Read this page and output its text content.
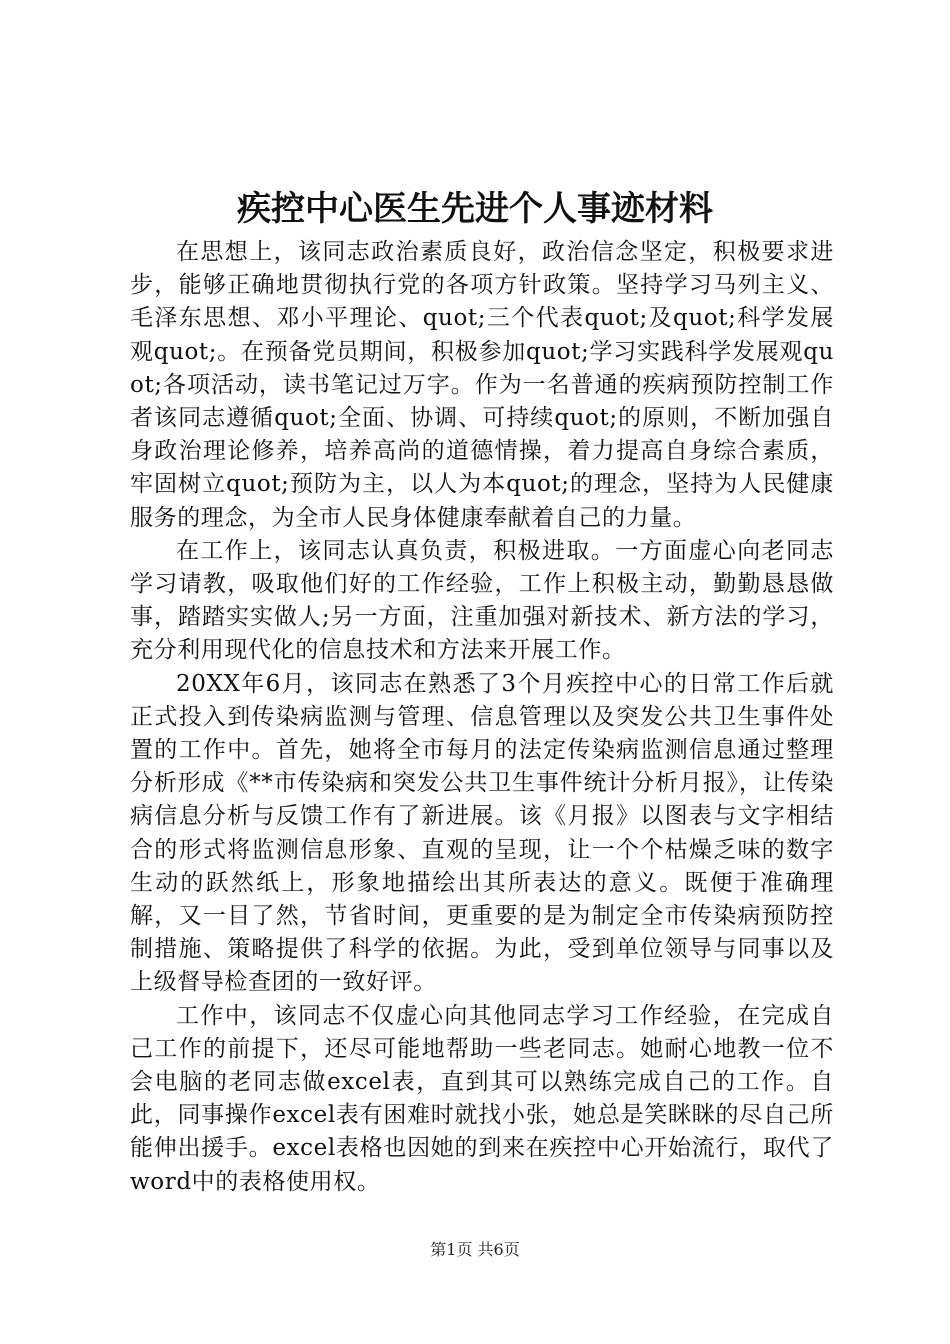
疾控中心医生先进个人事迹材料

在思想上，该同志政治素质良好，政治信念坚定，积极要求进步，能够正确地贯彻执行党的各项方针政策。坚持学习马列主义、毛泽东思想、邓小平理论、quot;三个代表quot;及quot;科学发展观quot;。在预备党员期间，积极参加quot;学习实践科学发展观quot;各项活动，读书笔记过万字。作为一名普通的疾病预防控制工作者该同志遵循quot;全面、协调、可持续quot;的原则，不断加强自身政治理论修养，培养高尚的道德情操，着力提高自身综合素质，牢固树立quot;预防为主，以人为本quot;的理念，坚持为人民健康服务的理念，为全市人民身体健康奉献着自己的力量。

在工作上，该同志认真负责，积极进取。一方面虚心向老同志学习请教，吸取他们好的工作经验，工作上积极主动，勤勤恳恳做事，踏踏实实做人;另一方面，注重加强对新技术、新方法的学习，充分利用现代化的信息技术和方法来开展工作。

20XX年6月，该同志在熟悉了3个月疾控中心的日常工作后就正式投入到传染病监测与管理、信息管理以及突发公共卫生事件处置的工作中。首先，她将全市每月的法定传染病监测信息通过整理分析形成《**市传染病和突发公共卫生事件统计分析月报》，让传染病信息分析与反馈工作有了新进展。该《月报》以图表与文字相结合的形式将监测信息形象、直观的呈现，让一个个枯燥乏味的数字生动的跃然纸上，形象地描绘出其所表达的意义。既便于准确理解，又一目了然，节省时间，更重要的是为制定全市传染病预防控制措施、策略提供了科学的依据。为此，受到单位领导与同事以及上级督导检查团的一致好评。

工作中，该同志不仅虚心向其他同志学习工作经验，在完成自己工作的前提下，还尽可能地帮助一些老同志。她耐心地教一位不会电脑的老同志做excel表，直到其可以熟练完成自己的工作。自此，同事操作excel表有困难时就找小张，她总是笑眯眯的尽自己所能伸出援手。excel表格也因她的到来在疾控中心开始流行，取代了word中的表格使用权。

第1页 共6页
